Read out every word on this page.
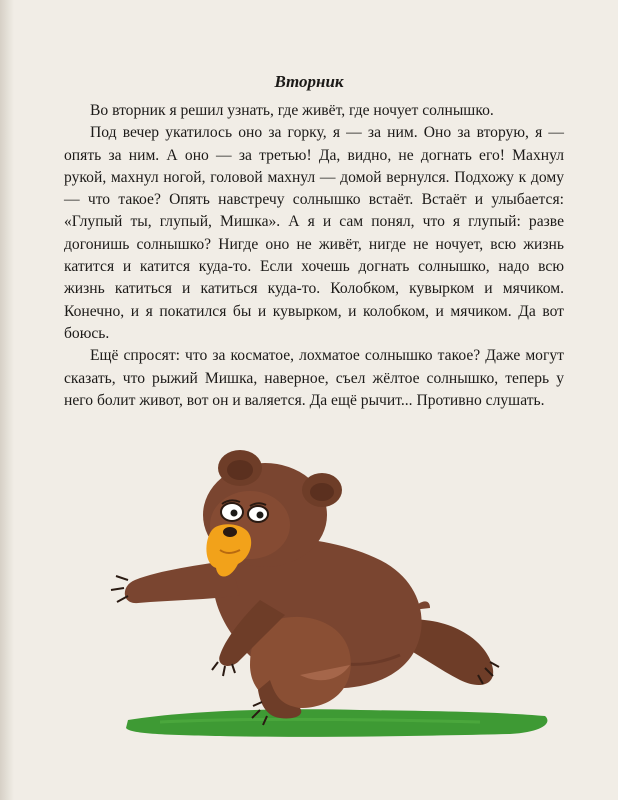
Вторник

Во вторник я решил узнать, где живёт, где ночует солнышко.

Под вечер укатилось оно за горку, я — за ним. Оно за вторую, я — опять за ним. А оно — за третью! Да, видно, не догнать его! Махнул рукой, махнул ногой, головой махнул — домой вернулся. Подхожу к дому — что такое? Опять навстречу солнышко встаёт. Встаёт и улыбается: «Глупый ты, глупый, Мишка». А я и сам понял, что я глупый: разве догонишь солнышко? Нигде оно не живёт, нигде не ночует, всю жизнь катится и катится куда-то. Если хочешь догнать солнышко, надо всю жизнь катиться и катиться куда-то. Колобком, кувырком и мячиком. Конечно, и я покатился бы и кувырком, и колобком, и мячиком. Да вот боюсь.

Ещё спросят: что за косматое, лохматое солнышко такое? Даже могут сказать, что рыжий Мишка, наверное, съел жёлтое солнышко, теперь у него болит живот, вот он и валяется. Да ещё рычит... Противно слушать.
